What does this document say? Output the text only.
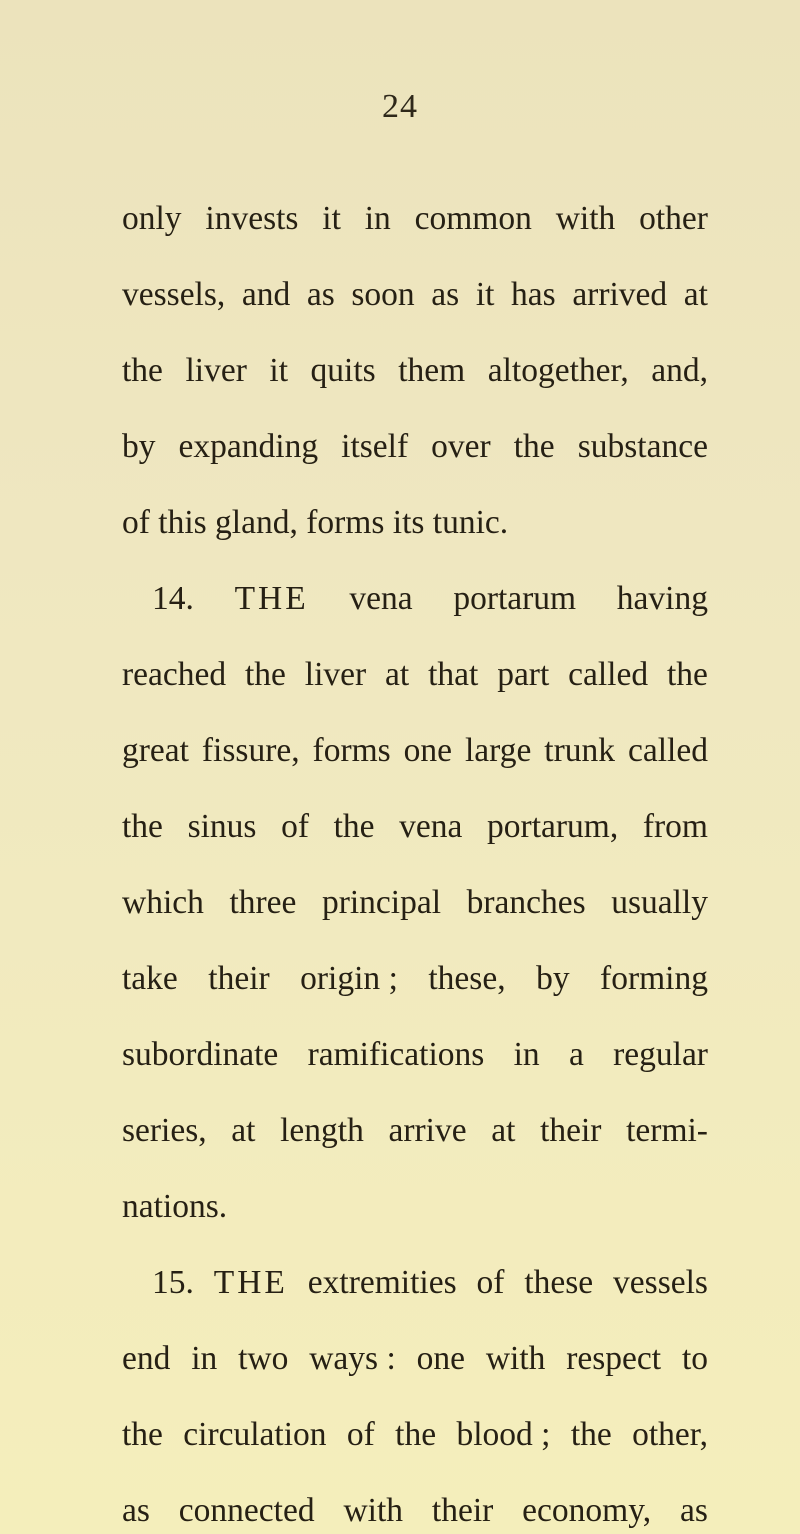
24
only invests it in common with other
vessels, and as soon as it has arrived at
the liver it quits them altogether, and,
by expanding itself over the substance
of this gland, forms its tunic.
14. THE vena portarum having
reached the liver at that part called the
great fissure, forms one large trunk called
the sinus of the vena portarum, from
which three principal branches usually
take their origin ; these, by forming
subordinate ramifications in a regular
series, at length arrive at their termi-
nations.
15. THE extremities of these vessels
end in two ways : one with respect to
the circulation of the blood ; the other,
as connected with their economy, as
